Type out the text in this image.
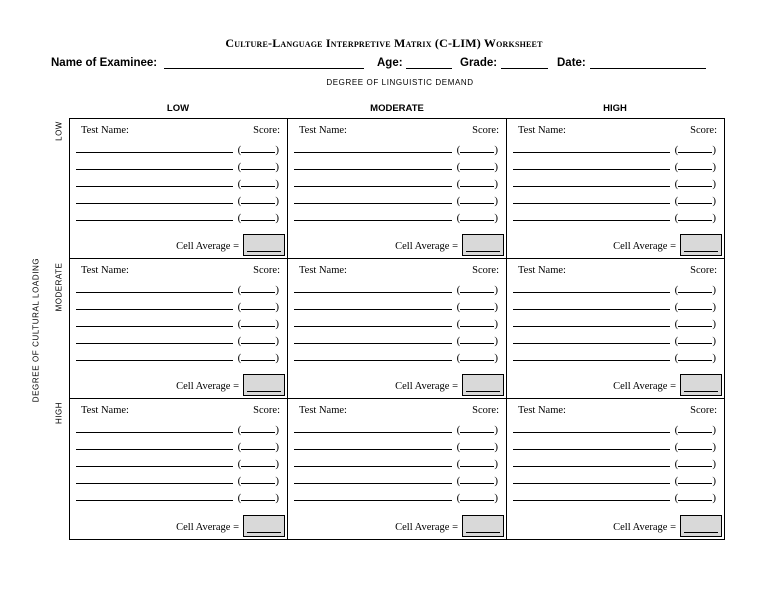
Culture-Language Interpretive Matrix (C-LIM) Worksheet
Name of Examinee:	Age:	Grade:	Date:
DEGREE OF LINGUISTIC DEMAND
LOW	MODERATE	HIGH
DEGREE OF CULTURAL LOADING
LOW
MODERATE
HIGH
Test Name:	Score:
(	)
(	)
(	)
(	)
(	)
Cell Average =
Test Name:	Score:
(	)
(	)
(	)
(	)
(	)
Cell Average =
Test Name:	Score:
(	)
(	)
(	)
(	)
(	)
Cell Average =
Test Name:	Score:
(	)
(	)
(	)
(	)
(	)
Cell Average =
Test Name:	Score:
(	)
(	)
(	)
(	)
(	)
Cell Average =
Test Name:	Score:
(	)
(	)
(	)
(	)
(	)
Cell Average =
Test Name:	Score:
(	)
(	)
(	)
(	)
(	)
Cell Average =
Test Name:	Score:
(	)
(	)
(	)
(	)
(	)
Cell Average =
Test Name:	Score:
(	)
(	)
(	)
(	)
(	)
Cell Average =
